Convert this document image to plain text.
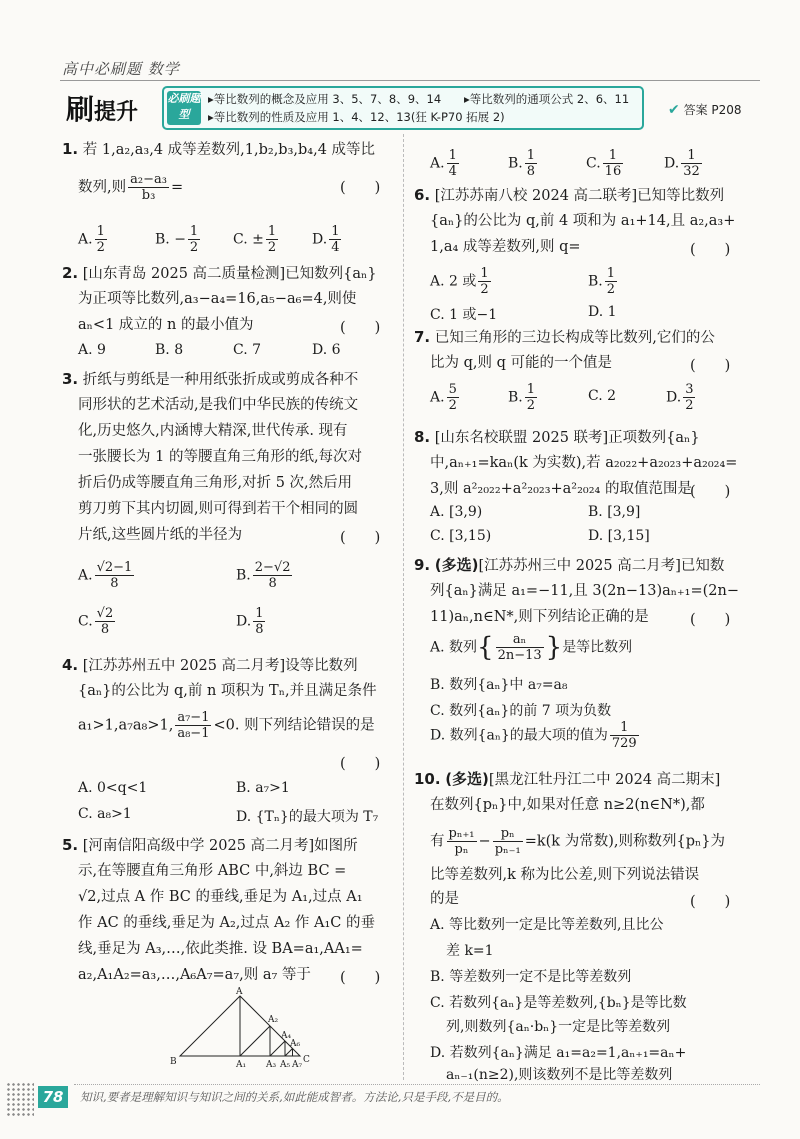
高中必刷题 数学
刷提升
必刷题型
▸等比数列的概念及应用 3、5、7、8、9、14 ▸等比数列的通项公式 2、6、11
▸等比数列的性质及应用 1、4、12、13(狂 K-P70 拓展 2)	✔ 答案 P208
1. 若 1,a₂,a₃,4 成等差数列,1,b₂,b₃,b₄,4 成等比
数列,则 $\frac{\text{a₂−a₃}}{\text{b₃}}$ =	(　　)
A. $\frac{1}{2}$	B. − $\frac{1}{2} C$. ± $\frac{1}{2} D$. $\frac{1}{4}$
2. [山东青岛 2025 高二质量检测]已知数列{aₙ}
为正项等比数列,a₃−a₄=16,a₅−a₆=4,则使
aₙ<1 成立的 n 的最小值为	(　　)
A. 9	B. 8	C. 7	D. 6
3. 折纸与剪纸是一种用纸张折成或剪成各种不
同形状的艺术活动,是我们中华民族的传统文
化,历史悠久,内涵博大精深,世代传承. 现有
一张腰长为 1 的等腰直角三角形的纸,每次对
折后仍成等腰直角三角形,对折 5 次,然后用
剪刀剪下其内切圆,则可得到若干个相同的圆
片纸,这些圆片纸的半径为	(　　)
A. $\frac{√2-1}{8}$	B. $\frac{2-√2}{8}$
C. $\frac{√2}{8}$	D. $\frac{1}{8}$
4. [江苏苏州五中 2025 高二月考]设等比数列
{aₙ}的公比为 q,前 n 项积为 Tₙ,并且满足条件
a₁>1,a₇a₈>1, $\frac{\text{a₇−1}}{\text{a₈−1}} <0$. 则下列结论错误的是
(　　)
A. 0<q<1	B. a₇>1
C. a₈>1	D. {Tₙ}的最大项为 T₇
5. [河南信阳高级中学 2025 高二月考]如图所
示,在等腰直角三角形 ABC 中,斜边 BC =
√2,过点 A 作 BC 的垂线,垂足为 A₁,过点 A₁
作 AC 的垂线,垂足为 A₂,过点 A₂ 作 A₁C 的垂
线,垂足为 A₃,…,依此类推. 设 BA=a₁,AA₁=
a₂,A₁A₂=a₃,…,A₆A₇=a₇,则 a₇ 等于 (　　)
A
A₂
A₄
A₆
B	A₁ A₃ A₅ A₇ C
A. $\frac{1}{4}$	B. $\frac{1}{8}$	C. $\frac{1}{16}$	D. $\frac{1}{32}$
6. [江苏苏南八校 2024 高二联考]已知等比数列
{aₙ}的公比为 q,前 4 项和为 a₁+14,且 a₂,a₃+
1,a₄ 成等差数列,则 q=	(　　)
A. 2 或 $\frac{1}{2}$	B. $\frac{1}{2}$
C. 1 或−1	D. 1
7. 已知三角形的三边长构成等比数列,它们的公
比为 q,则 q 可能的一个值是	(　　)
A. $\frac{5}{2}$	B. $\frac{1}{2}$	C. 2	D. $\frac{3}{2}$
8. [山东名校联盟 2025 联考]正项数列{aₙ}
中,aₙ₊₁=kaₙ(k 为实数),若 a₂₀₂₂+a₂₀₂₃+a₂₀₂₄=
3,则 a²₂₀₂₂+a²₂₀₂₃+a²₂₀₂₄ 的取值范围是
(　　)
A. [3,9)	B. [3,9]
C. [3,15)	D. [3,15]
9. (多选)[江苏苏州三中 2025 高二月考]已知数
列{aₙ}满足 a₁=−11,且 3(2n−13)aₙ₊₁=(2n−
11)aₙ,n∈N*,则下列结论正确的是	(　　)
A. 数列{ $\frac{\text{aₙ}}{2n-13}$ }是等比数列
B. 数列{aₙ}中 a₇=a₈
C. 数列{aₙ}的前 7 项为负数
D. 数列{aₙ}的最大项的值为 $\frac{1}{729}$
10. (多选)[黑龙江牡丹江二中 2024 高二期末]
在数列{pₙ}中,如果对任意 n≥2(n∈N*),都
有 $\frac{\text{pₙ₊₁}}{\text{pₙ}} - \frac{\text{pₙ}}{\text{pₙ₋₁}} =k(k$ 为常数),则称数列{pₙ}为
比等差数列,k 称为比公差,则下列说法错误
的是	(　　)
A. 等比数列一定是比等差数列,且比公
差 k=1
B. 等差数列一定不是比等差数列
C. 若数列{aₙ}是等差数列,{bₙ}是等比数
列,则数列{aₙ·bₙ}一定是比等差数列
D. 若数列{aₙ}满足 a₁=a₂=1,aₙ₊₁=aₙ+
aₙ₋₁(n≥2),则该数列不是比等差数列
78	知识,要者是理解知识与知识之间的关系,如此能成智者。方法论,只是手段,不是目的。
